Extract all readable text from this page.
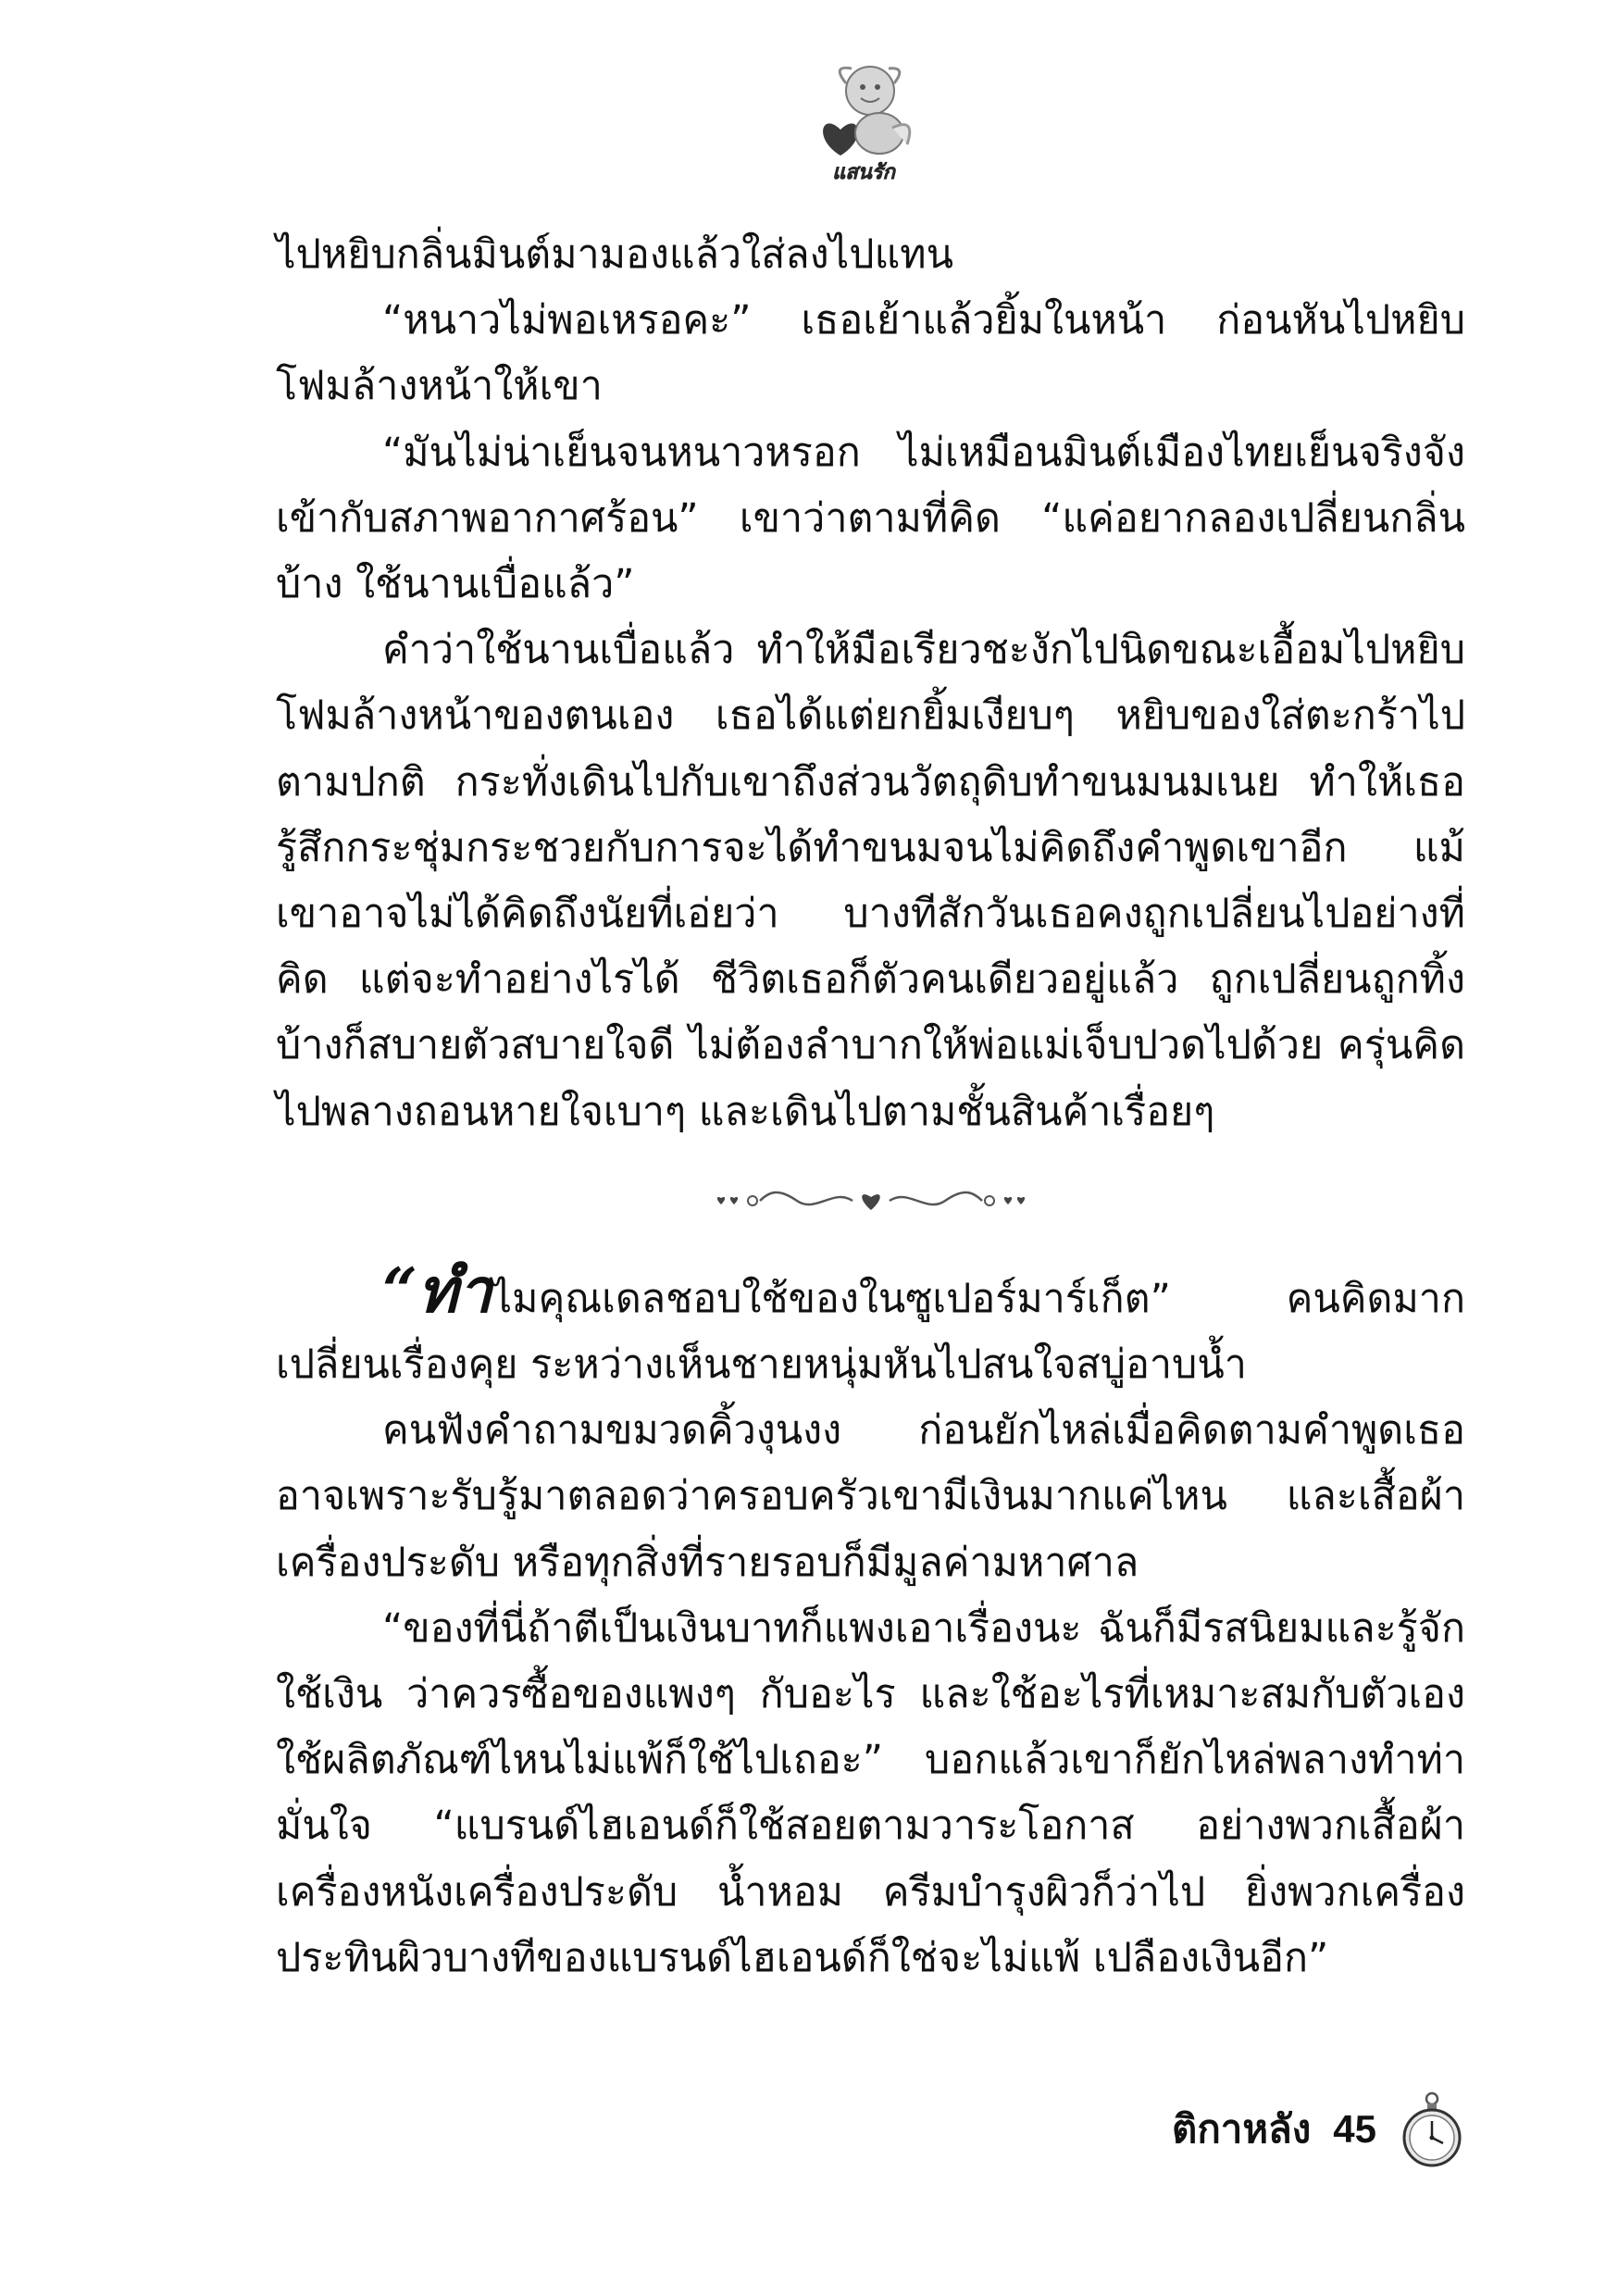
แสนรัก

ไปหยิบกลิ่นมินต์มามองแล้วใส่ลงไปแทน

“หนาวไม่พอเหรอคะ” เธอเย้าแล้วยิ้มในหน้า ก่อนหันไปหยิบโฟมล้างหน้าให้เขา

“มันไม่น่าเย็นจนหนาวหรอก ไม่เหมือนมินต์เมืองไทยเย็นจริงจังเข้ากับสภาพอากาศร้อน” เขาว่าตามที่คิด “แค่อยากลองเปลี่ยนกลิ่นบ้าง ใช้นานเบื่อแล้ว”

คำว่าใช้นานเบื่อแล้ว ทำให้มือเรียวชะงักไปนิดขณะเอื้อมไปหยิบโฟมล้างหน้าของตนเอง เธอได้แต่ยกยิ้มเงียบๆ หยิบของใส่ตะกร้าไปตามปกติ กระทั่งเดินไปกับเขาถึงส่วนวัตถุดิบทำขนมนมเนย ทำให้เธอรู้สึกกระชุ่มกระชวยกับการจะได้ทำขนมจนไม่คิดถึงคำพูดเขาอีก แม้เขาอาจไม่ได้คิดถึงนัยที่เอ่ยว่า บางทีสักวันเธอคงถูกเปลี่ยนไปอย่างที่คิด แต่จะทำอย่างไรได้ ชีวิตเธอก็ตัวคนเดียวอยู่แล้ว ถูกเปลี่ยนถูกทิ้งบ้างก็สบายตัวสบายใจดี ไม่ต้องลำบากให้พ่อแม่เจ็บปวดไปด้วย ครุ่นคิดไปพลางถอนหายใจเบาๆ และเดินไปตามชั้นสินค้าเรื่อยๆ

“ทำไมคุณเดลชอบใช้ของในซูเปอร์มาร์เก็ต” คนคิดมากเปลี่ยนเรื่องคุย ระหว่างเห็นชายหนุ่มหันไปสนใจสบู่อาบน้ำ

คนฟังคำถามขมวดคิ้วงุนงง ก่อนยักไหล่เมื่อคิดตามคำพูดเธอ อาจเพราะรับรู้มาตลอดว่าครอบครัวเขามีเงินมากแค่ไหน และเสื้อผ้าเครื่องประดับ หรือทุกสิ่งที่รายรอบก็มีมูลค่ามหาศาล

“ของที่นี่ถ้าตีเป็นเงินบาทก็แพงเอาเรื่องนะ ฉันก็มีรสนิยมและรู้จักใช้เงิน ว่าควรซื้อของแพงๆ กับอะไร และใช้อะไรที่เหมาะสมกับตัวเอง ใช้ผลิตภัณฑ์ไหนไม่แพ้ก็ใช้ไปเถอะ” บอกแล้วเขาก็ยักไหล่พลางทำท่ามั่นใจ “แบรนด์ไฮเอนด์ก็ใช้สอยตามวาระโอกาส อย่างพวกเสื้อผ้า เครื่องหนังเครื่องประดับ น้ำหอม ครีมบำรุงผิวก็ว่าไป ยิ่งพวกเครื่องประทินผิวบางทีของแบรนด์ไฮเอนด์ก็ใช่จะไม่แพ้ เปลืองเงินอีก”

ติกาหลัง 45
